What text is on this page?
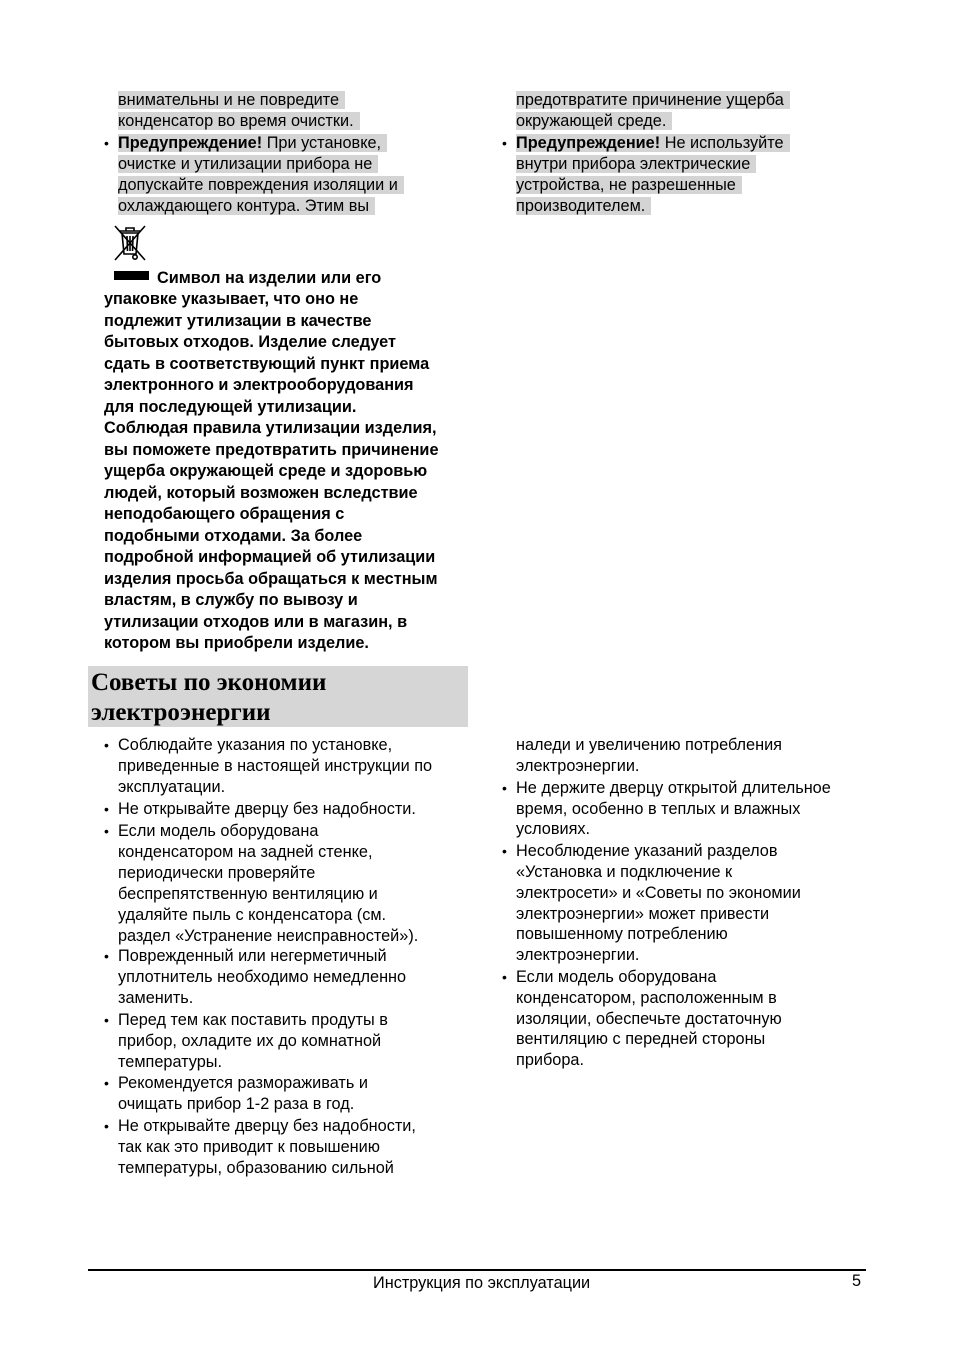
внимательны и не повредите
конденсатор во время очистки.
• Предупреждение! При установке,
очистке и утилизации прибора не
допускайте повреждения изоляции и
охлаждающего контура. Этим вы
предотвратите причинение ущерба
окружающей среде.
• Предупреждение! Не используйте
внутри прибора электрические
устройства, не разрешенные
производителем.
Символ на изделии или его
упаковке указывает, что оно не
подлежит утилизации в качестве
бытовых отходов. Изделие следует
сдать в соответствующий пункт приема
электронного и электрооборудования
для последующей утилизации.
Соблюдая правила утилизации изделия,
вы поможете предотвратить причинение
ущерба окружающей среде и здоровью
людей, который возможен вследствие
неподобающего обращения с
подобными отходами. За более
подробной информацией об утилизации
изделия просьба обращаться к местным
властям, в службу по вывозу и
утилизации отходов или в магазин, в
котором вы приобрели изделие.
Советы по экономии
электроэнергии
• Соблюдайте указания по установке,
приведенные в настоящей инструкции по
эксплуатации.
• Не открывайте дверцу без надобности.
• Если модель оборудована
конденсатором на задней стенке,
периодически проверяйте
беспрепятственную вентиляцию и
удаляйте пыль с конденсатора (см.
раздел «Устранение неисправностей»).
• Поврежденный или негерметичный
уплотнитель необходимо немедленно
заменить.
• Перед тем как поставить продуты в
прибор, охладите их до комнатной
температуры.
• Рекомендуется размораживать и
очищать прибор 1-2 раза в год.
• Не открывайте дверцу без надобности,
так как это приводит к повышению
температуры, образованию сильной
наледи и увеличению потребления
электроэнергии.
• Не держите дверцу открытой длительное
время, особенно в теплых и влажных
условиях.
• Несоблюдение указаний разделов
«Установка и подключение к
электросети» и «Советы по экономии
электроэнергии» может привести
повышенному потреблению
электроэнергии.
• Если модель оборудована
конденсатором, расположенным в
изоляции, обеспечьте достаточную
вентиляцию с передней стороны
прибора.
Инструкция по эксплуатации	5
